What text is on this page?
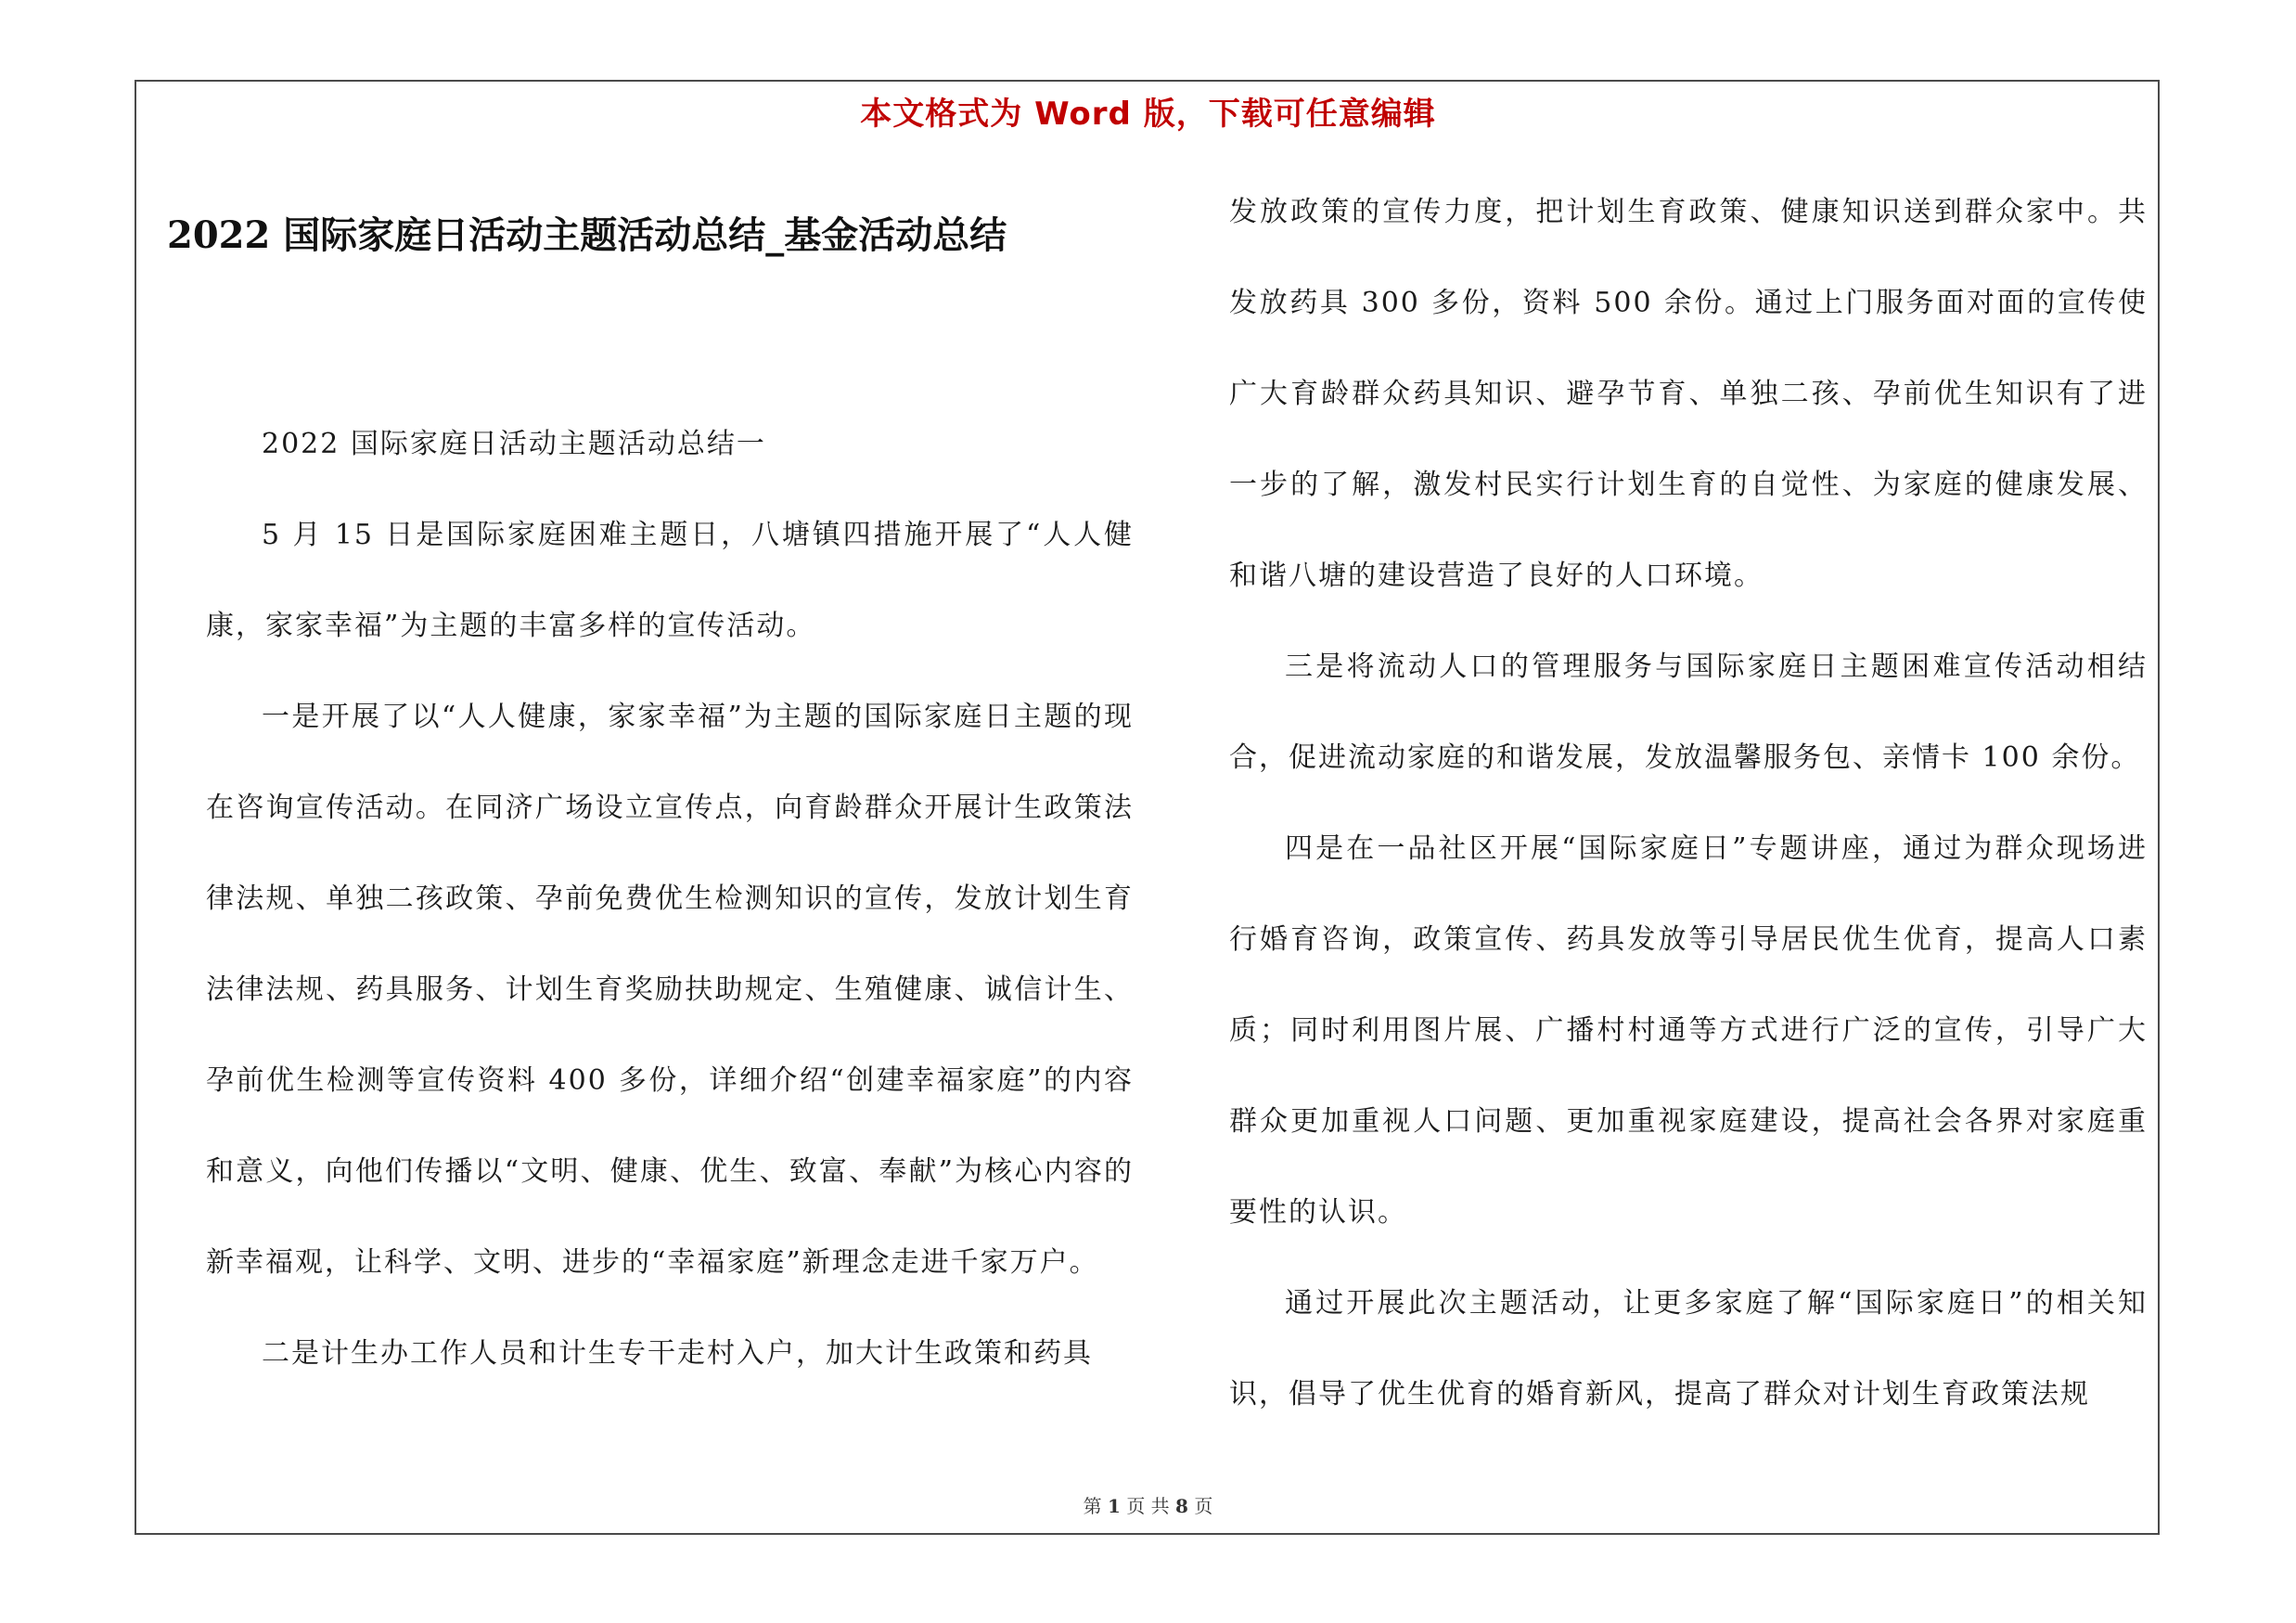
本文格式为 Word 版，下载可任意编辑
2022 国际家庭日活动主题活动总结_基金活动总结

2022 国际家庭日活动主题活动总结一

5 月 15 日是国际家庭困难主题日，八塘镇四措施开展了“人人健康，家家幸福”为主题的丰富多样的宣传活动。

一是开展了以“人人健康，家家幸福”为主题的国际家庭日主题的现在咨询宣传活动。在同济广场设立宣传点，向育龄群众开展计生政策法律法规、单独二孩政策、孕前免费优生检测知识的宣传，发放计划生育法律法规、药具服务、计划生育奖励扶助规定、生殖健康、诚信计生、孕前优生检测等宣传资料 400 多份，详细介绍“创建幸福家庭”的内容和意义，向他们传播以“文明、健康、优生、致富、奉献”为核心内容的新幸福观，让科学、文明、进步的“幸福家庭”新理念走进千家万户。

二是计生办工作人员和计生专干走村入户，加大计生政策和药具

发放政策的宣传力度，把计划生育政策、健康知识送到群众家中。共发放药具 300 多份，资料 500 余份。通过上门服务面对面的宣传使广大育龄群众药具知识、避孕节育、单独二孩、孕前优生知识有了进一步的了解，激发村民实行计划生育的自觉性、为家庭的健康发展、和谐八塘的建设营造了良好的人口环境。

三是将流动人口的管理服务与国际家庭日主题困难宣传活动相结合，促进流动家庭的和谐发展，发放温馨服务包、亲情卡 100 余份。

四是在一品社区开展“国际家庭日”专题讲座，通过为群众现场进行婚育咨询，政策宣传、药具发放等引导居民优生优育，提高人口素质；同时利用图片展、广播村村通等方式进行广泛的宣传，引导广大群众更加重视人口问题、更加重视家庭建设，提高社会各界对家庭重要性的认识。

通过开展此次主题活动，让更多家庭了解“国际家庭日”的相关知识，倡导了优生优育的婚育新风，提高了群众对计划生育政策法规

第 1 页 共 8 页
